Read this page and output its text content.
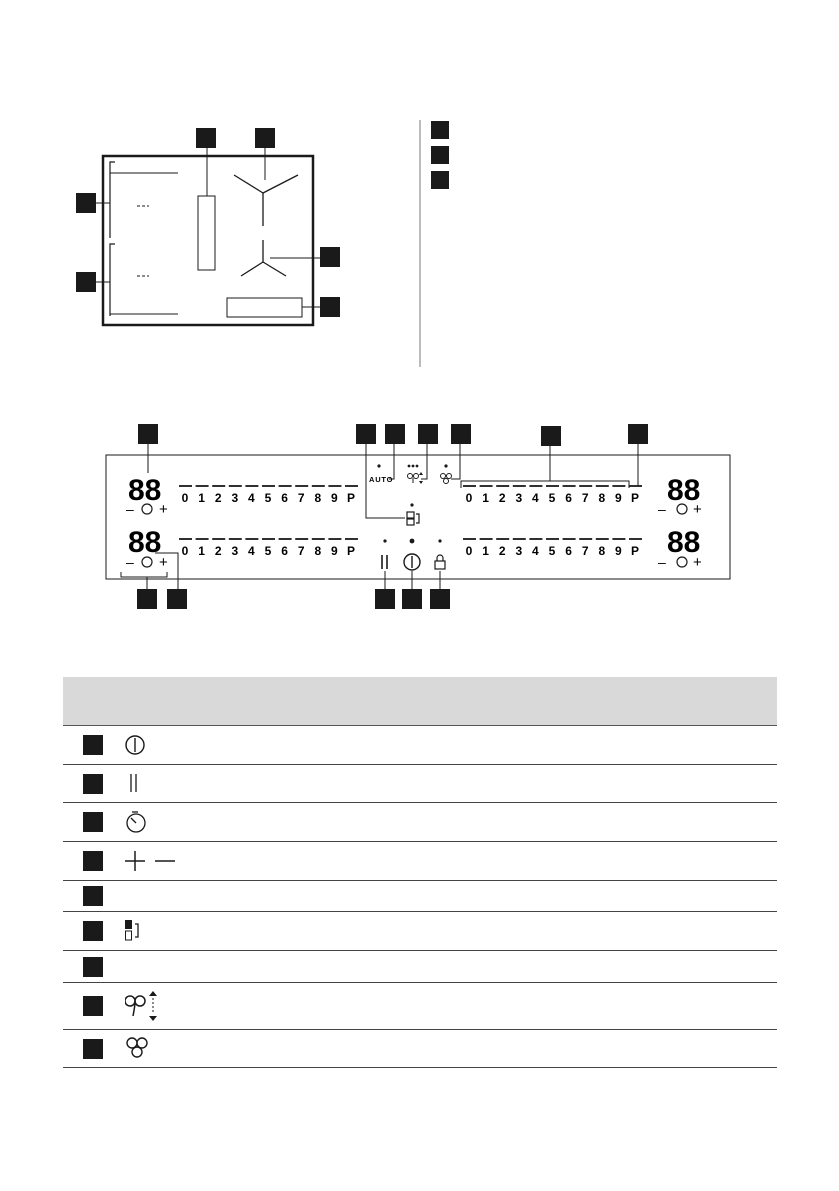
88
– +
88
– +
88
– +
88
– +
0 1 2 3 4 5 6 7 8 9 P
0 1 2 3 4 5 6 7 8 9 P
0 1 2 3 4 5 6 7 8 9 P
0 1 2 3 4 5 6 7 8 9 P
AUTO
